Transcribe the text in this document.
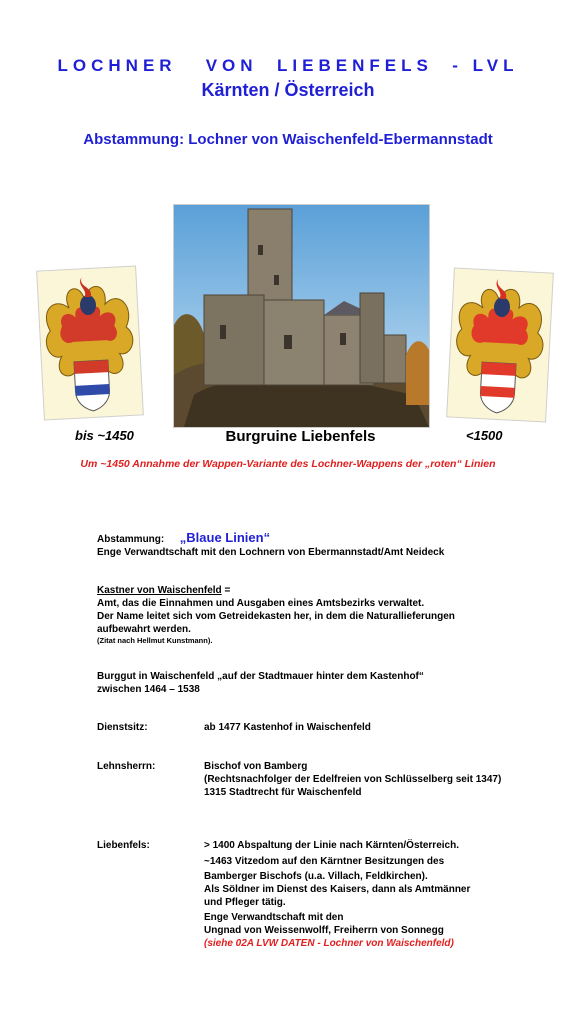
LOCHNER   VON  LIEBENFELS  - LVL
Kärnten / Österreich
Abstammung: Lochner von Waischenfeld-Ebermannstadt
bis ~1450	Burgruine Liebenfels	<1500
Um ~1450 Annahme der Wappen-Variante des Lochner-Wappens der „roten“ Linien
Abstammung: „Blaue Linien“
Enge Verwandtschaft mit den Lochnern von Ebermannstadt/Amt Neideck
Kastner von Waischenfeld =
Amt, das die Einnahmen und Ausgaben eines Amtsbezirks verwaltet.
Der Name leitet sich vom Getreidekasten her, in dem die Naturallieferungen
aufbewahrt werden.
(Zitat nach Hellmut Kunstmann).
Burggut in Waischenfeld „auf der Stadtmauer hinter dem Kastenhof“
zwischen 1464 – 1538
Dienstsitz:	ab 1477 Kastenhof in Waischenfeld
Lehnsherrn:	Bischof von Bamberg
(Rechtsnachfolger der Edelfreien von Schlüsselberg seit 1347)
1315 Stadtrecht für Waischenfeld
Liebenfels:	> 1400 Abspaltung der Linie nach Kärnten/Österreich.
~1463 Vitzedom auf den Kärntner Besitzungen des
Bamberger Bischofs (u.a. Villach, Feldkirchen).
Als Söldner im Dienst des Kaisers, dann als Amtmänner
und Pfleger tätig.
Enge Verwandtschaft mit den
Ungnad von Weissenwolff, Freiherrn von Sonnegg
(siehe 02A LVW DATEN - Lochner von Waischenfeld)
